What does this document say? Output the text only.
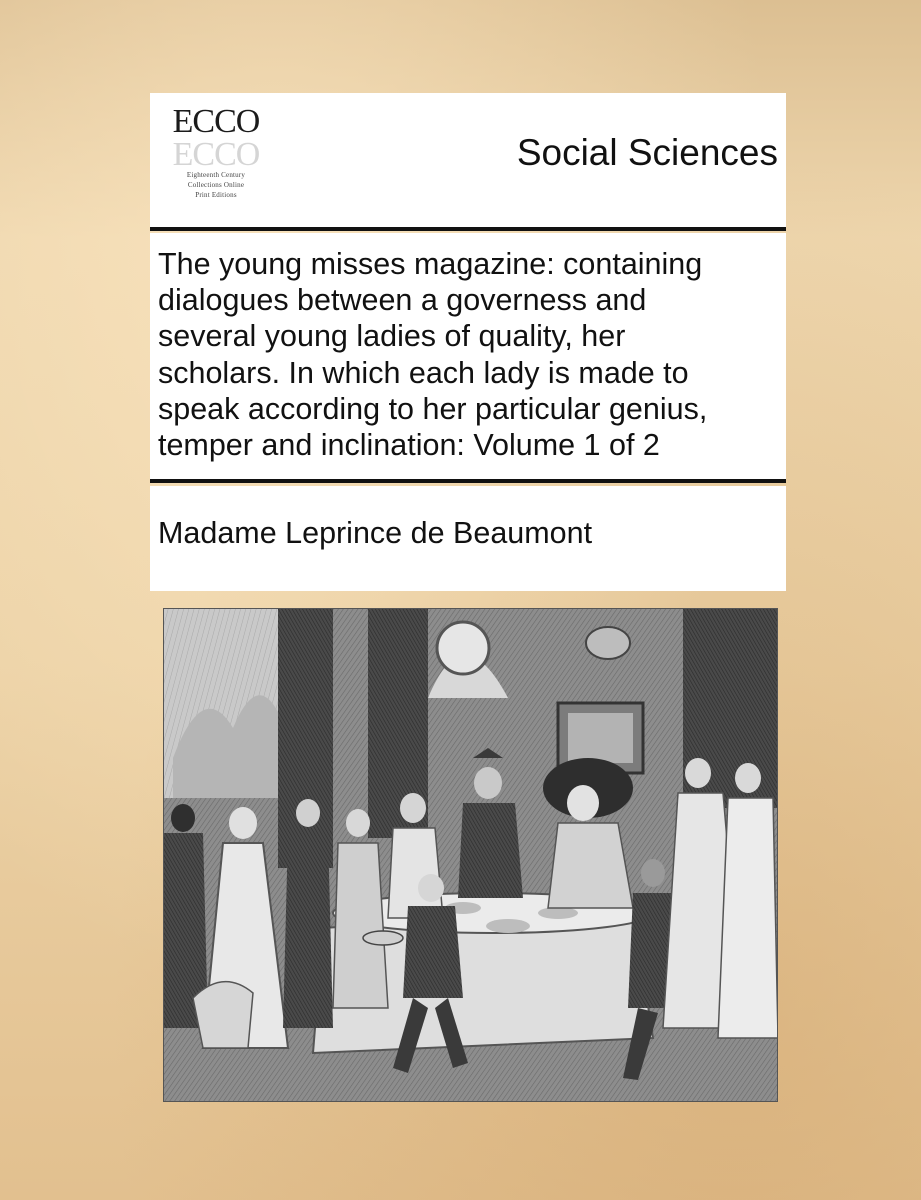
ECCO
ECCO
Eighteenth Century
Collections Online
Print Editions
Social Sciences
The young misses magazine: containing
dialogues between a governess and
several young ladies of quality, her
scholars. In which each lady is made to
speak according to her particular genius,
temper and inclination: Volume 1 of 2
Madame Leprince de Beaumont
